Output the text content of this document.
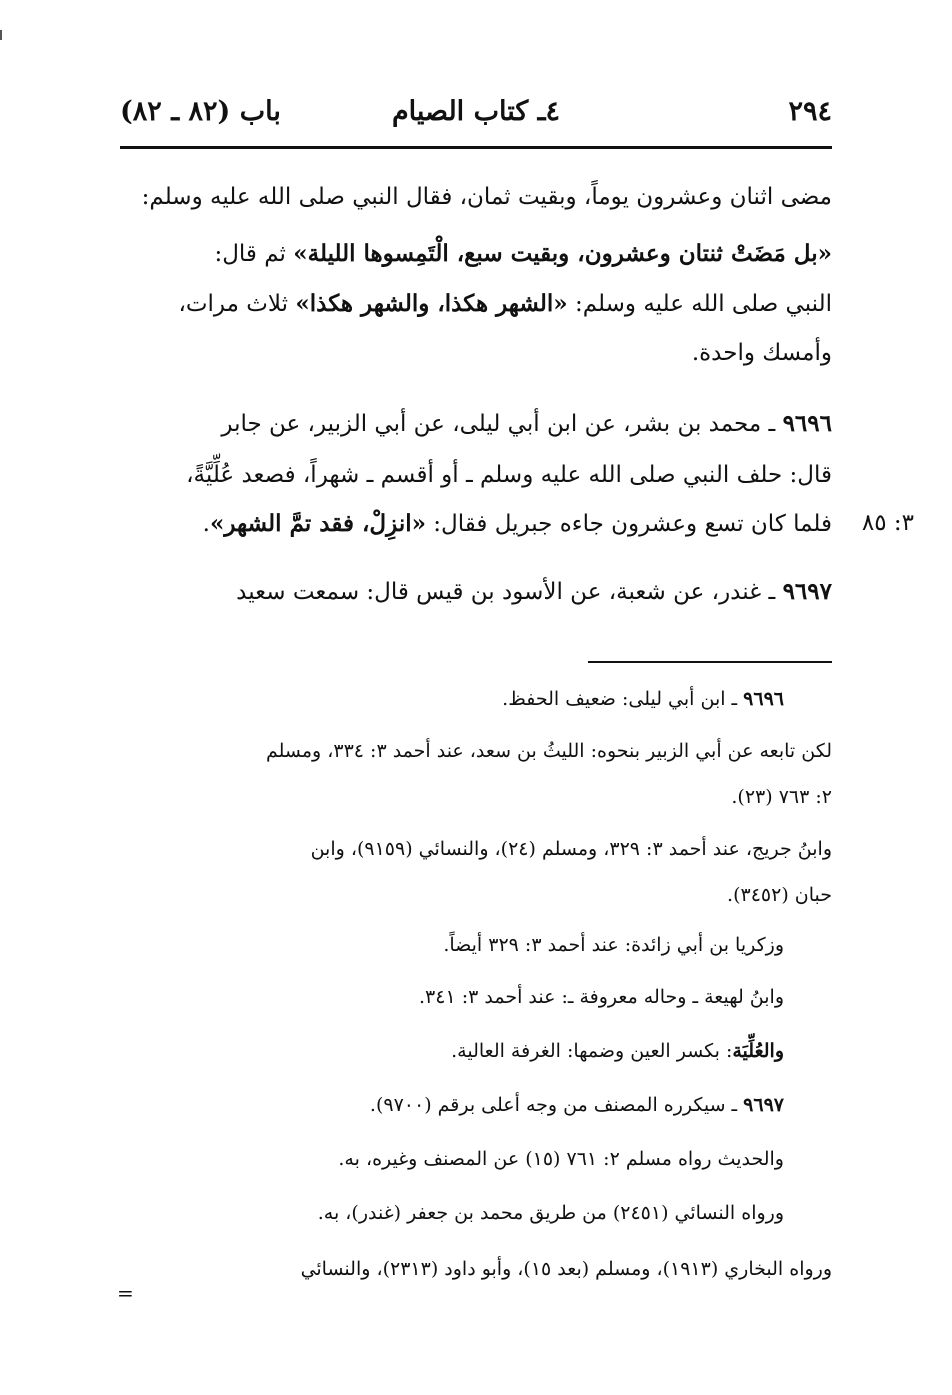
٢٩٤
٤ـ كتاب الصيام
باب (٨٢ ـ ٨٢)
مضى اثنان وعشرون يوماً، وبقيت ثمان، فقال النبي صلى الله عليه وسلم:
«بل مَضَتْ ثنتان وعشرون، وبقيت سبع، الْتَمِسوها الليلة» ثم قال:
النبي صلى الله عليه وسلم: «الشهر هكذا، والشهر هكذا» ثلاث مرات،
وأمسك واحدة.
٩٦٩٦ ـ محمد بن بشر، عن ابن أبي ليلى، عن أبي الزبير، عن جابر
قال: حلف النبي صلى الله عليه وسلم ـ أو أقسم ـ شهراً، فصعد عُلِّيَّةً،
فلما كان تسع وعشرون جاءه جبريل فقال: «انزِلْ، فقد تمَّ الشهر».	٣: ٨٥
٩٦٩٧ ـ غندر، عن شعبة، عن الأسود بن قيس قال: سمعت سعيد
٩٦٩٦ ـ ابن أبي ليلى: ضعيف الحفظ.
لكن تابعه عن أبي الزبير بنحوه: الليثُ بن سعد، عند أحمد ٣: ٣٣٤، ومسلم
٢: ٧٦٣ (٢٣).
وابنُ جريج، عند أحمد ٣: ٣٢٩، ومسلم (٢٤)، والنسائي (٩١٥٩)، وابن
حبان (٣٤٥٢).
وزكريا بن أبي زائدة: عند أحمد ٣: ٣٢٩ أيضاً.
وابنُ لهيعة ـ وحاله معروفة ـ: عند أحمد ٣: ٣٤١.
والعُلِّيَة: بكسر العين وضمها: الغرفة العالية.
٩٦٩٧ ـ سيكرره المصنف من وجه أعلى برقم (٩٧٠٠).
والحديث رواه مسلم ٢: ٧٦١ (١٥) عن المصنف وغيره، به.
ورواه النسائي (٢٤٥١) من طريق محمد بن جعفر (غندر)، به.
ورواه البخاري (١٩١٣)، ومسلم (بعد ١٥)، وأبو داود (٢٣١٣)، والنسائي
=
